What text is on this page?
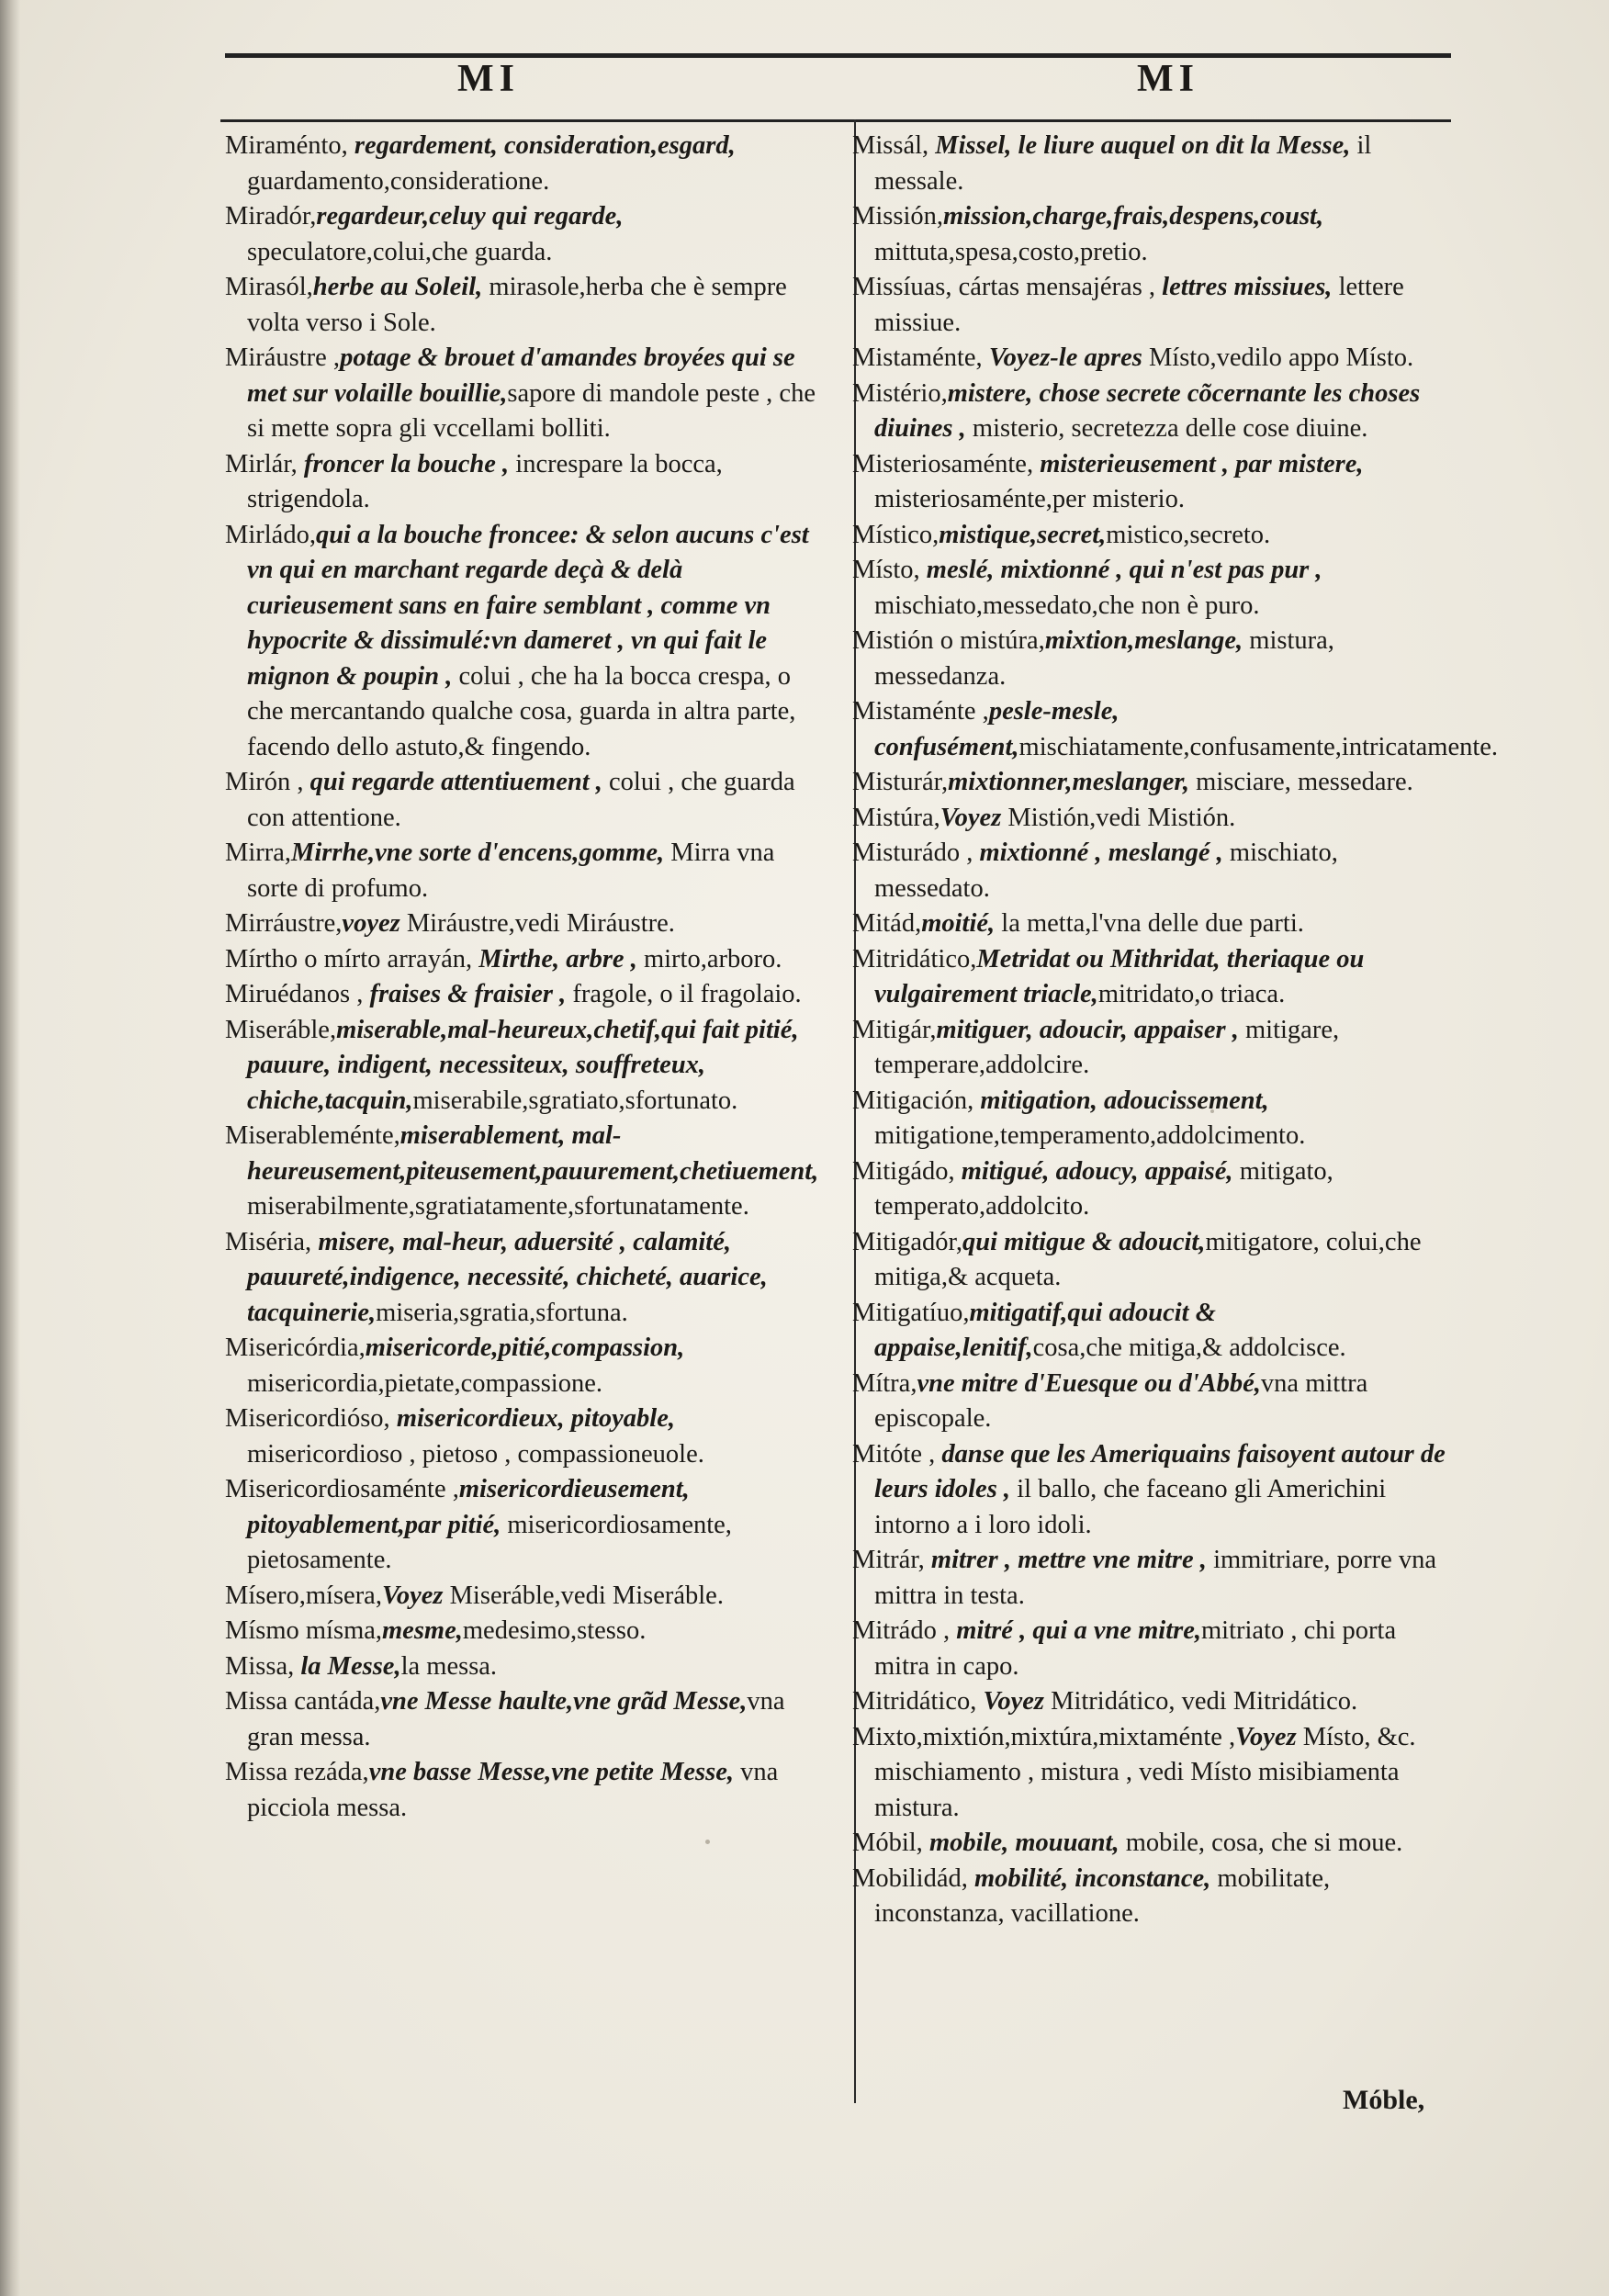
MI	MI

Miraménto, regardement, consideration,esgard, guardamento,consideratione.

Miradór,regardeur,celuy qui regarde, speculatore,colui,che guarda.

Mirasól,herbe au Soleil, mirasole,herba che è sempre volta verso i Sole.

Miráustre ,potage & brouet d'amandes broyées qui se met sur volaille bouillie,sapore di mandole peste , che si mette sopra gli vccellami bolliti.

Mirlár, froncer la bouche , increspare la bocca, strigendola.

Mirládo,qui a la bouche froncee: & selon aucuns c'est vn qui en marchant regarde deçà & delà curieusement sans en faire semblant , comme vn hypocrite & dissimulé:vn dameret , vn qui fait le mignon & poupin , colui , che ha la bocca crespa, o che mercantando qualche cosa, guarda in altra parte, facendo dello astuto,& fingendo.

Mirón , qui regarde attentiuement , colui , che guarda con attentione.

Mirra,Mirrhe,vne sorte d'encens,gomme, Mirra vna sorte di profumo.

Mirráustre,voyez Miráustre,vedi Miráustre.

Mírtho o mírto arrayán, Mirthe, arbre , mirto,arboro.

Miruédanos , fraises & fraisier , fragole, o il fragolaio.

Miseráble,miserable,mal-heureux,chetif,qui fait pitié, pauure, indigent, necessiteux, souffreteux, chiche,tacquin,miserabile,sgratiato,sfortunato.

Miserableménte,miserablement, mal-heureusement,piteusement,pauurement,chetiuement, miserabilmente,sgratiatamente,sfortunatamente.

Miséria, misere, mal-heur, aduersité , calamité, pauureté,indigence, necessité, chicheté, auarice, tacquinerie,miseria,sgratia,sfortuna.

Misericórdia,misericorde,pitié,compassion, misericordia,pietate,compassione.

Misericordióso, misericordieux, pitoyable, misericordioso , pietoso , compassioneuole.

Misericordiosaménte ,misericordieusement, pitoyablement,par pitié, misericordiosamente, pietosamente.

Mísero,mísera,Voyez Miseráble,vedi Miseráble.

Mísmo mísma,mesme,medesimo,stesso.

Missa, la Messe,la messa.

Missa cantáda,vne Messe haulte,vne grãd Messe,vna gran messa.

Missa rezáda,vne basse Messe,vne petite Messe, vna picciola messa.

Missál, Missel, le liure auquel on dit la Messe, il messale.

Missión,mission,charge,frais,despens,coust, mittuta,spesa,costo,pretio.

Missíuas, cártas mensajéras , lettres missiues, lettere missiue.

Mistaménte, Voyez-le apres Místo,vedilo appo Místo.

Mistério,mistere, chose secrete cõcernante les choses diuines , misterio, secretezza delle cose diuine.

Misteriosaménte, misterieusement , par mistere, misteriosaménte,per misterio.

Místico,mistique,secret,mistico,secreto.

Místo, meslé, mixtionné , qui n'est pas pur , mischiato,messedato,che non è puro.

Mistión o mistúra,mixtion,meslange, mistura, messedanza.

Mistaménte ,pesle-mesle, confusément,mischiatamente,confusamente,intricatamente.

Misturár,mixtionner,meslanger, misciare, messedare.

Mistúra,Voyez Mistión,vedi Mistión.

Misturádo , mixtionné , meslangé , mischiato, messedato.

Mitád,moitié, la metta,l'vna delle due parti.

Mitridático,Metridat ou Mithridat, theriaque ou vulgairement triacle,mitridato,o triaca.

Mitigár,mitiguer, adoucir, appaiser , mitigare, temperare,addolcire.

Mitigación, mitigation, adoucissement, mitigatione,temperamento,addolcimento.

Mitigádo, mitigué, adoucy, appaisé, mitigato, temperato,addolcito.

Mitigadór,qui mitigue & adoucit,mitigatore, colui,che mitiga,& acqueta.

Mitigatíuo,mitigatif,qui adoucit & appaise,lenitif,cosa,che mitiga,& addolcisce.

Mítra,vne mitre d'Euesque ou d'Abbé,vna mittra episcopale.

Mitóte , danse que les Ameriquains faisoyent autour de leurs idoles , il ballo, che faceano gli Americhini intorno a i loro idoli.

Mitrár, mitrer , mettre vne mitre , immitriare, porre vna mittra in testa.

Mitrádo , mitré , qui a vne mitre,mitriato , chi porta mitra in capo.

Mitridático, Voyez Mitridático, vedi Mitridático.

Mixto,mixtión,mixtúra,mixtaménte ,Voyez Místo, &c. mischiamento , mistura , vedi Místo misibiamenta mistura.

Móbil, mobile, mouuant, mobile, cosa, che si moue.

Mobilidád, mobilité, inconstance, mobilitate, inconstanza, vacillatione.

Móble,
